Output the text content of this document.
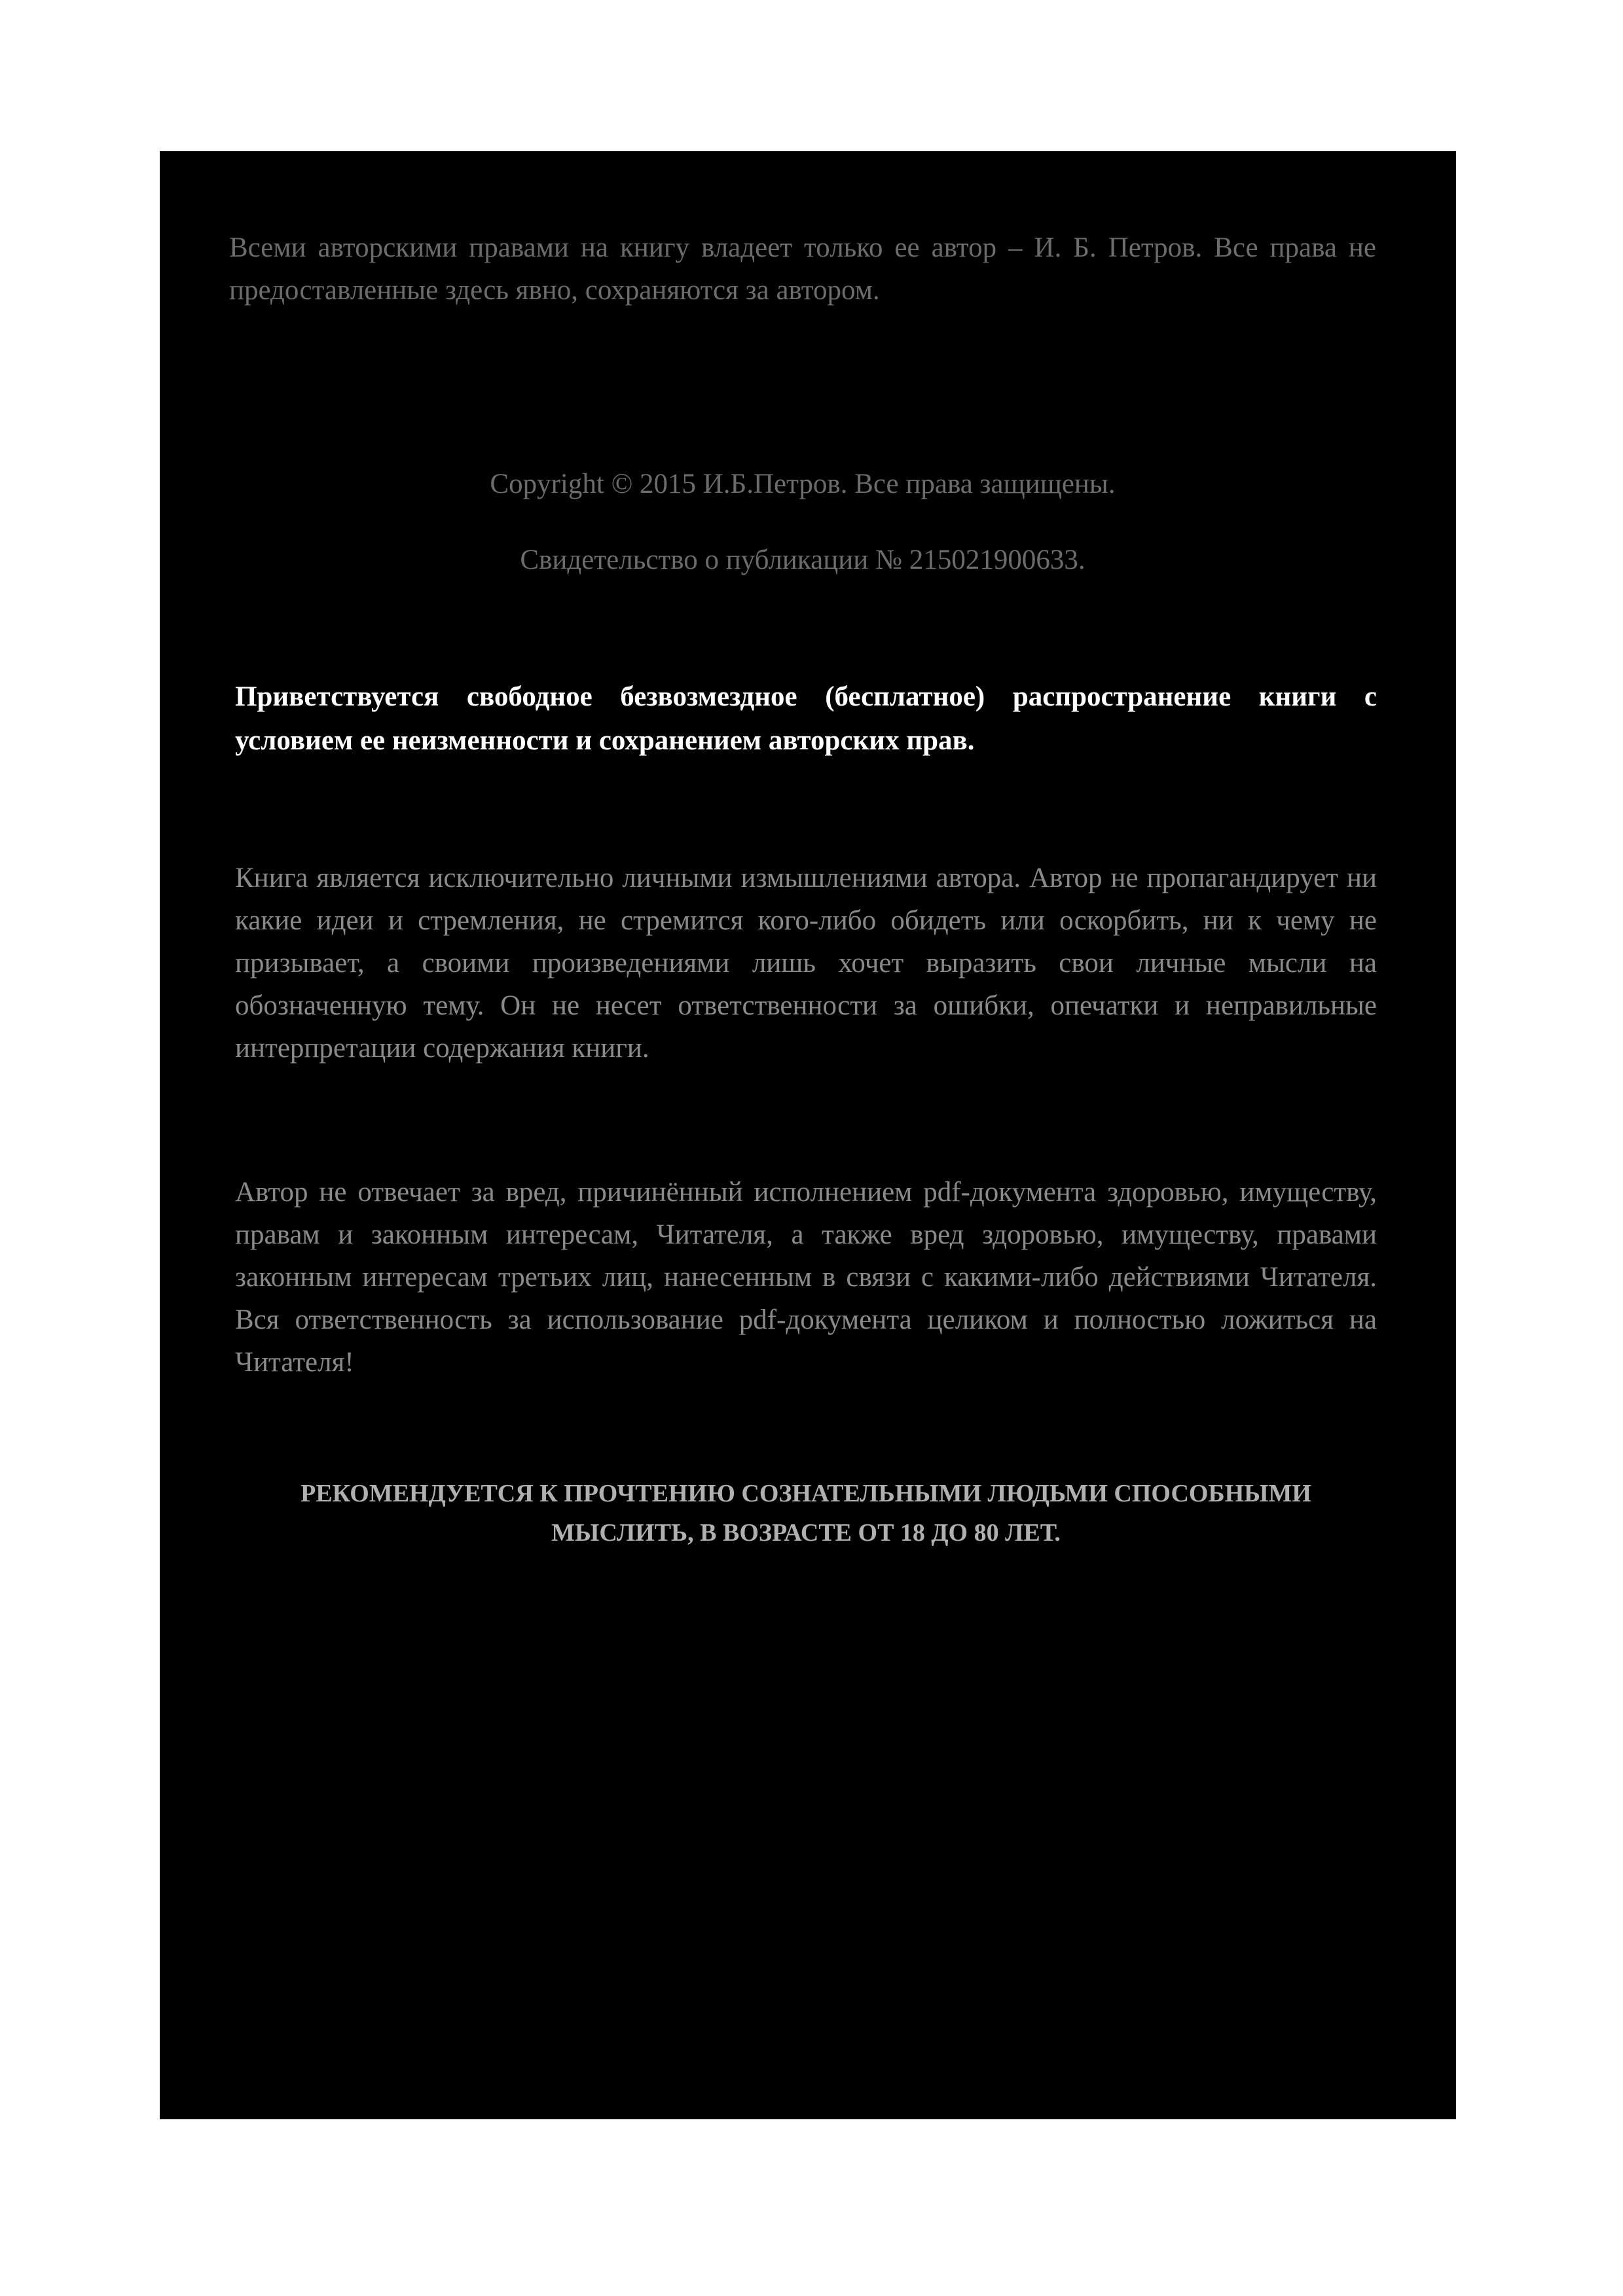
Всеми авторскими правами на книгу владеет только ее автор – И. Б. Петров. Все права не предоставленные здесь явно, сохраняются за автором.

Copyright © 2015 И.Б.Петров. Все права защищены.

Свидетельство о публикации № 215021900633.

Приветствуется свободное безвозмездное (бесплатное) распространение книги с условием ее неизменности и сохранением авторских прав.

Книга является исключительно личными измышлениями автора. Автор не пропагандирует ни какие идеи и стремления, не стремится кого-либо обидеть или оскорбить, ни к чему не призывает, а своими произведениями лишь хочет выразить свои личные мысли на обозначенную тему. Он не несет ответственности за ошибки, опечатки и неправильные интерпретации содержания книги.

Автор не отвечает за вред, причинённый исполнением pdf-документа здоровью, имуществу, правам и законным интересам, Читателя, а также вред здоровью, имуществу, правами законным интересам третьих лиц, нанесенным в связи с какими-либо действиями Читателя. Вся ответственность за использование pdf-документа целиком и полностью ложиться на Читателя!

РЕКОМЕНДУЕТСЯ К ПРОЧТЕНИЮ СОЗНАТЕЛЬНЫМИ ЛЮДЬМИ СПОСОБНЫМИ МЫСЛИТЬ, В ВОЗРАСТЕ ОТ 18 ДО 80 ЛЕТ.
